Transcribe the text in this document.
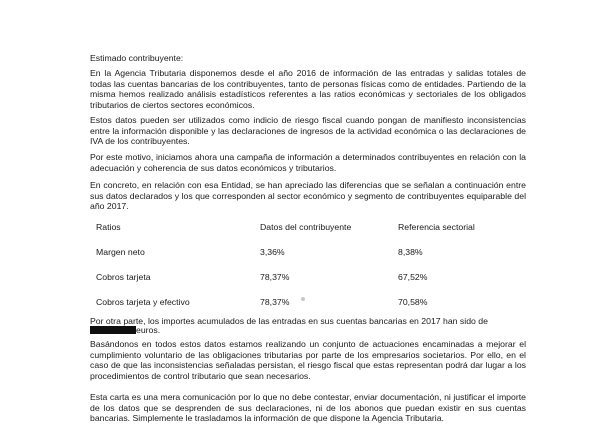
Estimado contribuyente:

En la Agencia Tributaria disponemos desde el año 2016 de información de las entradas y salidas totales de todas las cuentas bancarias de los contribuyentes, tanto de personas físicas como de entidades. Partiendo de la misma hemos realizado análisis estadísticos referentes a las ratios económicas y sectoriales de los obligados tributarios de ciertos sectores económicos.

Estos datos pueden ser utilizados como indicio de riesgo fiscal cuando pongan de manifiesto inconsistencias entre la información disponible y las declaraciones de ingresos de la actividad económica o las declaraciones de IVA de los contribuyentes.

Por este motivo, iniciamos ahora una campaña de información a determinados contribuyentes en relación con la adecuación y coherencia de sus datos económicos y tributarios.

En concreto, en relación con esa Entidad, se han apreciado las diferencias que se señalan a continuación entre sus datos declarados y los que corresponden al sector económico y segmento de contribuyentes equiparable del año 2017.

Ratios	Datos del contribuyente	Referencia sectorial
Margen neto	3,36%	8,38%
Cobros tarjeta	78,37%	67,52%
Cobros tarjeta y efectivo	78,37%	70,58%

Por otra parte, los importes acumulados de las entradas en sus cuentas bancarias en 2017 han sido de

euros.

Basándonos en todos estos datos estamos realizando un conjunto de actuaciones encaminadas a mejorar el cumplimiento voluntario de las obligaciones tributarias por parte de los empresarios societarios. Por ello, en el caso de que las inconsistencias señaladas persistan, el riesgo fiscal que estas representan podrá dar lugar a los procedimientos de control tributario que sean necesarios.

Esta carta es una mera comunicación por lo que no debe contestar, enviar documentación, ni justificar el importe de los datos que se desprenden de sus declaraciones, ni de los abonos que puedan existir en sus cuentas bancarias. Simplemente le trasladamos la información de que dispone la Agencia Tributaria.
